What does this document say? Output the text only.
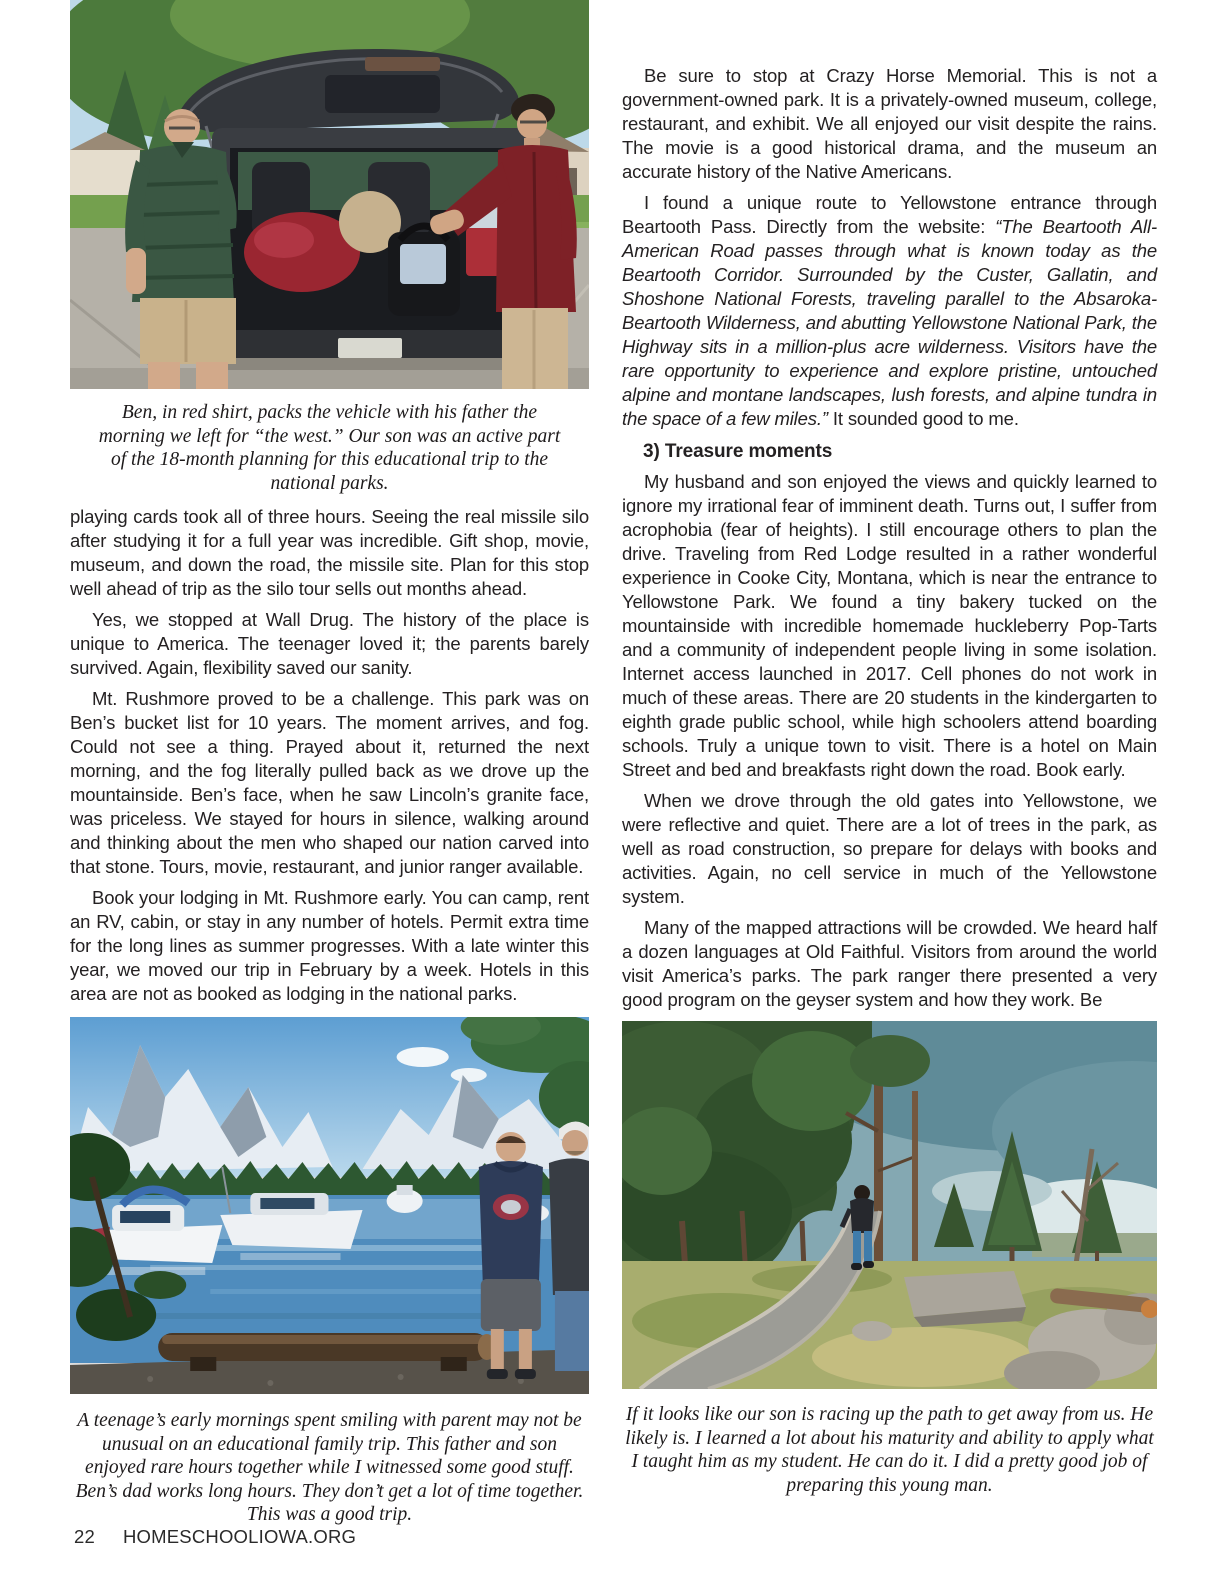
Ben, in red shirt, packs the vehicle with his father the morning we left for “the west.” Our son was an active part of the 18-month planning for this educational trip to the national parks.

playing cards took all of three hours. Seeing the real missile silo after studying it for a full year was incredible. Gift shop, movie, museum, and down the road, the missile site. Plan for this stop well ahead of trip as the silo tour sells out months ahead.

Yes, we stopped at Wall Drug. The history of the place is unique to America. The teenager loved it; the parents barely survived. Again, flexibility saved our sanity.

Mt. Rushmore proved to be a challenge. This park was on Ben’s bucket list for 10 years. The moment arrives, and fog. Could not see a thing. Prayed about it, returned the next morning, and the fog literally pulled back as we drove up the mountainside. Ben’s face, when he saw Lincoln’s granite face, was priceless. We stayed for hours in silence, walking around and thinking about the men who shaped our nation carved into that stone. Tours, movie, restaurant, and junior ranger available.

Book your lodging in Mt. Rushmore early. You can camp, rent an RV, cabin, or stay in any number of hotels. Permit extra time for the long lines as summer progresses. With a late winter this year, we moved our trip in February by a week. Hotels in this area are not as booked as lodging in the national parks.

A teenage’s early mornings spent smiling with parent may not be unusual on an educational family trip. This father and son enjoyed rare hours together while I witnessed some good stuff. Ben’s dad works long hours. They don’t get a lot of time together. This was a good trip.

Be sure to stop at Crazy Horse Memorial. This is not a government-owned park. It is a privately-owned museum, college, restaurant, and exhibit. We all enjoyed our visit despite the rains. The movie is a good historical drama, and the museum an accurate history of the Native Americans.

I found a unique route to Yellowstone entrance through Beartooth Pass. Directly from the website: “The Beartooth All-American Road passes through what is known today as the Beartooth Corridor. Surrounded by the Custer, Gallatin, and Shoshone National Forests, traveling parallel to the Absaroka-Beartooth Wilderness, and abutting Yellowstone National Park, the Highway sits in a million-plus acre wilderness. Visitors have the rare opportunity to experience and explore pristine, untouched alpine and montane landscapes, lush forests, and alpine tundra in the space of a few miles.” It sounded good to me.

3) Treasure moments

My husband and son enjoyed the views and quickly learned to ignore my irrational fear of imminent death. Turns out, I suffer from acrophobia (fear of heights). I still encourage others to plan the drive. Traveling from Red Lodge resulted in a rather wonderful experience in Cooke City, Montana, which is near the entrance to Yellowstone Park. We found a tiny bakery tucked on the mountainside with incredible homemade huckleberry Pop-Tarts and a community of independent people living in some isolation. Internet access launched in 2017. Cell phones do not work in much of these areas. There are 20 students in the kindergarten to eighth grade public school, while high schoolers attend boarding schools. Truly a unique town to visit. There is a hotel on Main Street and bed and breakfasts right down the road. Book early.

When we drove through the old gates into Yellowstone, we were reflective and quiet. There are a lot of trees in the park, as well as road construction, so prepare for delays with books and activities. Again, no cell service in much of the Yellowstone system.

Many of the mapped attractions will be crowded. We heard half a dozen languages at Old Faithful. Visitors from around the world visit America’s parks. The park ranger there presented a very good program on the geyser system and how they work. Be

If it looks like our son is racing up the path to get away from us. He likely is. I learned a lot about his maturity and ability to apply what I taught him as my student. He can do it. I did a pretty good job of preparing this young man.
22 HOMESCHOOLIOWA.ORG
